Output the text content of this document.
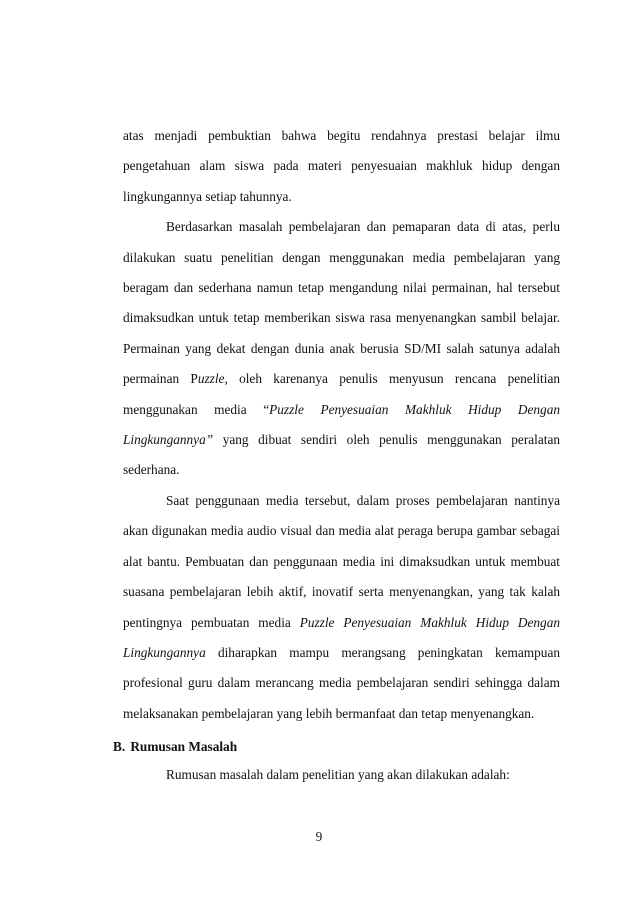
atas menjadi pembuktian bahwa begitu rendahnya prestasi belajar ilmu pengetahuan alam siswa pada materi penyesuaian makhluk hidup dengan lingkungannya setiap tahunnya.

Berdasarkan masalah pembelajaran dan pemaparan data di atas, perlu dilakukan suatu penelitian dengan menggunakan media pembelajaran yang beragam dan sederhana namun tetap mengandung nilai permainan, hal tersebut dimaksudkan untuk tetap memberikan siswa rasa menyenangkan sambil belajar. Permainan yang dekat dengan dunia anak berusia SD/MI salah satunya adalah permainan Puzzle, oleh karenanya penulis menyusun rencana penelitian menggunakan media “Puzzle Penyesuaian Makhluk Hidup Dengan Lingkungannya” yang dibuat sendiri oleh penulis menggunakan peralatan sederhana.

Saat penggunaan media tersebut, dalam proses pembelajaran nantinya akan digunakan media audio visual dan media alat peraga berupa gambar sebagai alat bantu. Pembuatan dan penggunaan media ini dimaksudkan untuk membuat suasana pembelajaran lebih aktif, inovatif serta menyenangkan, yang tak kalah pentingnya pembuatan media Puzzle Penyesuaian Makhluk Hidup Dengan Lingkungannya diharapkan mampu merangsang peningkatan kemampuan profesional guru dalam merancang media pembelajaran sendiri sehingga dalam melaksanakan pembelajaran yang lebih bermanfaat dan tetap menyenangkan.

B. Rumusan Masalah

Rumusan masalah dalam penelitian yang akan dilakukan adalah:

9
